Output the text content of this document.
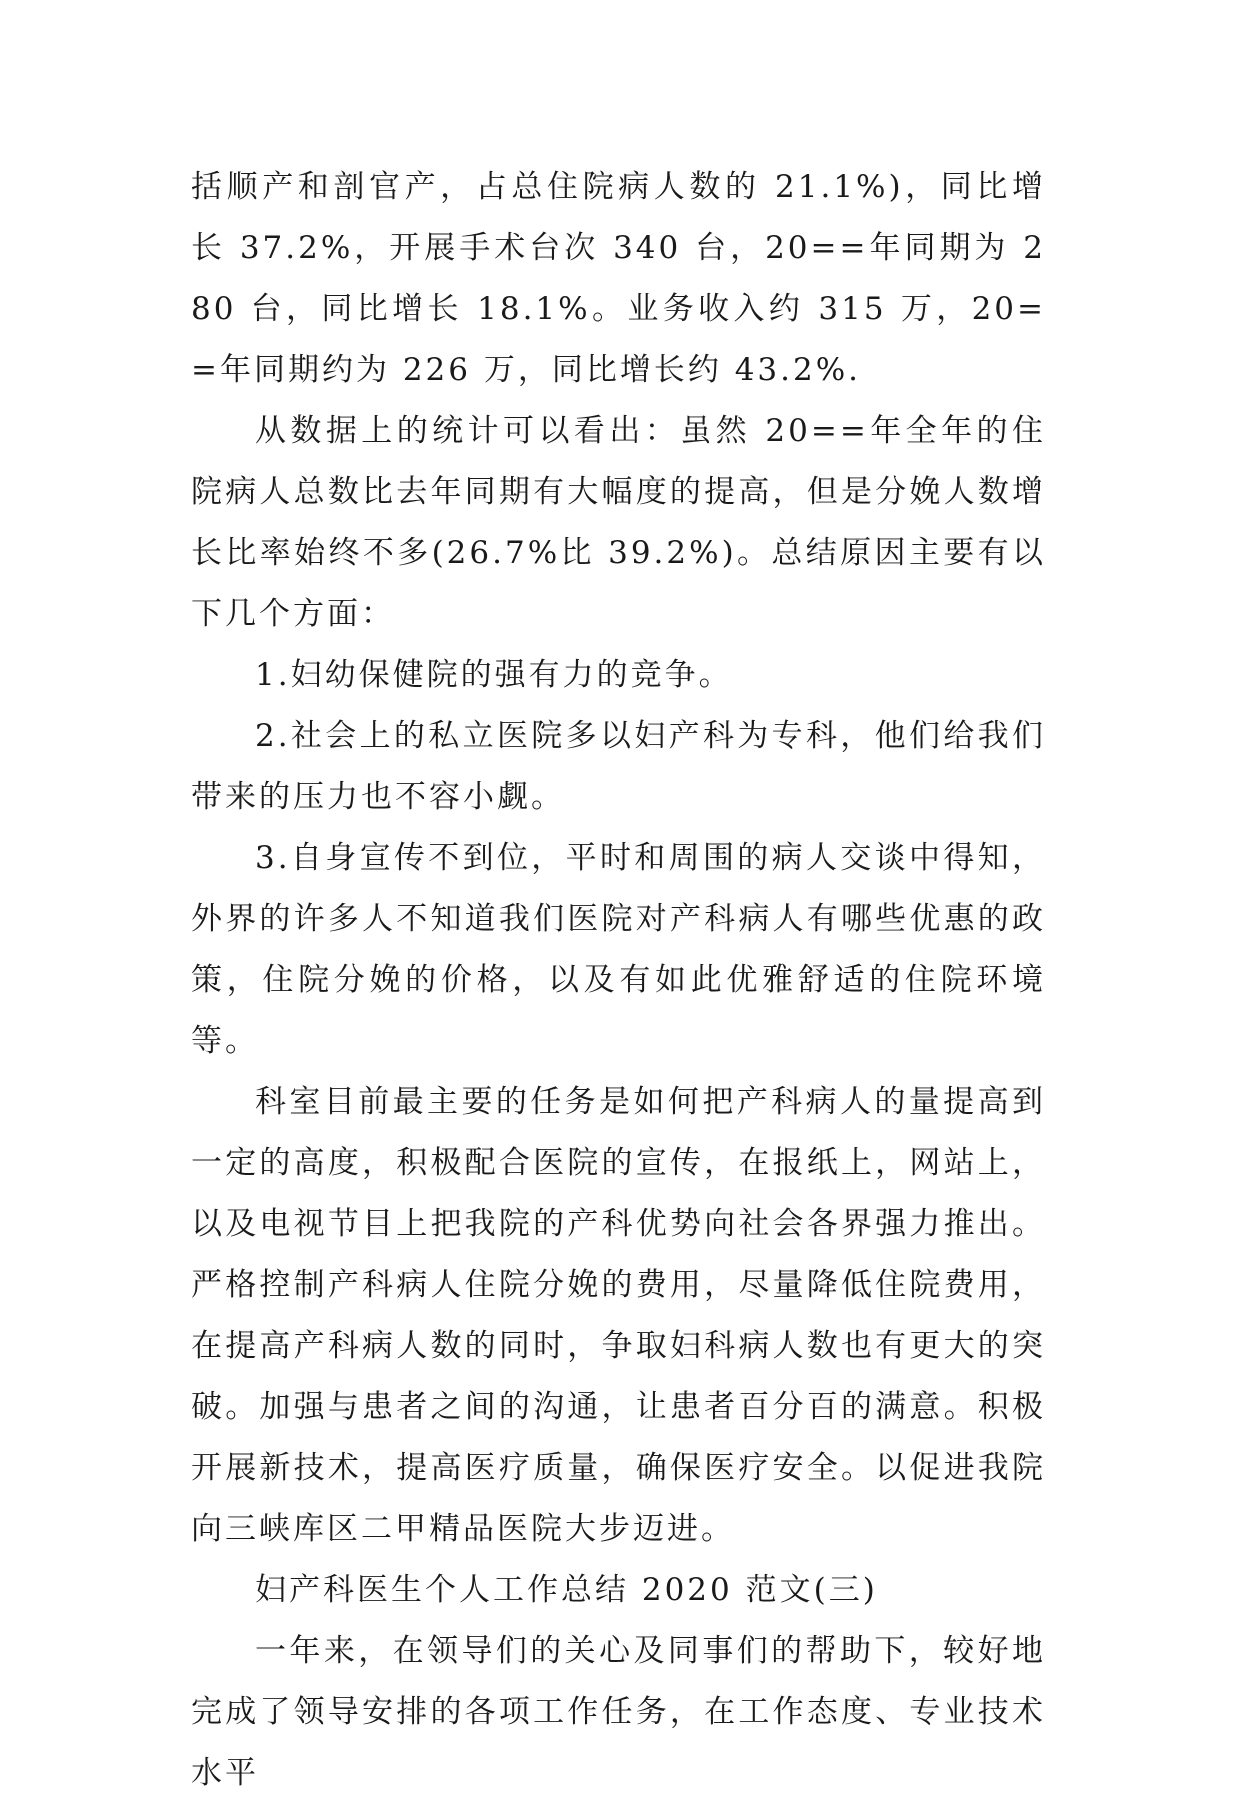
括顺产和剖官产，占总住院病人数的 21.1%)，同比增长 37.2%，开展手术台次 340 台，20==年同期为 280 台，同比增长 18.1%。业务收入约 315 万，20==年同期约为 226 万，同比增长约 43.2%.

从数据上的统计可以看出：虽然 20==年全年的住院病人总数比去年同期有大幅度的提高，但是分娩人数增长比率始终不多(26.7%比 39.2%)。总结原因主要有以下几个方面：

1.妇幼保健院的强有力的竞争。

2.社会上的私立医院多以妇产科为专科，他们给我们带来的压力也不容小觑。

3.自身宣传不到位，平时和周围的病人交谈中得知，外界的许多人不知道我们医院对产科病人有哪些优惠的政策，住院分娩的价格，以及有如此优雅舒适的住院环境等。

科室目前最主要的任务是如何把产科病人的量提高到一定的高度，积极配合医院的宣传，在报纸上，网站上，以及电视节目上把我院的产科优势向社会各界强力推出。严格控制产科病人住院分娩的费用，尽量降低住院费用，在提高产科病人数的同时，争取妇科病人数也有更大的突破。加强与患者之间的沟通，让患者百分百的满意。积极开展新技术，提高医疗质量，确保医疗安全。以促进我院向三峡库区二甲精品医院大步迈进。

妇产科医生个人工作总结 2020 范文(三)

一年来，在领导们的关心及同事们的帮助下，较好地完成了领导安排的各项工作任务，在工作态度、专业技术水平
